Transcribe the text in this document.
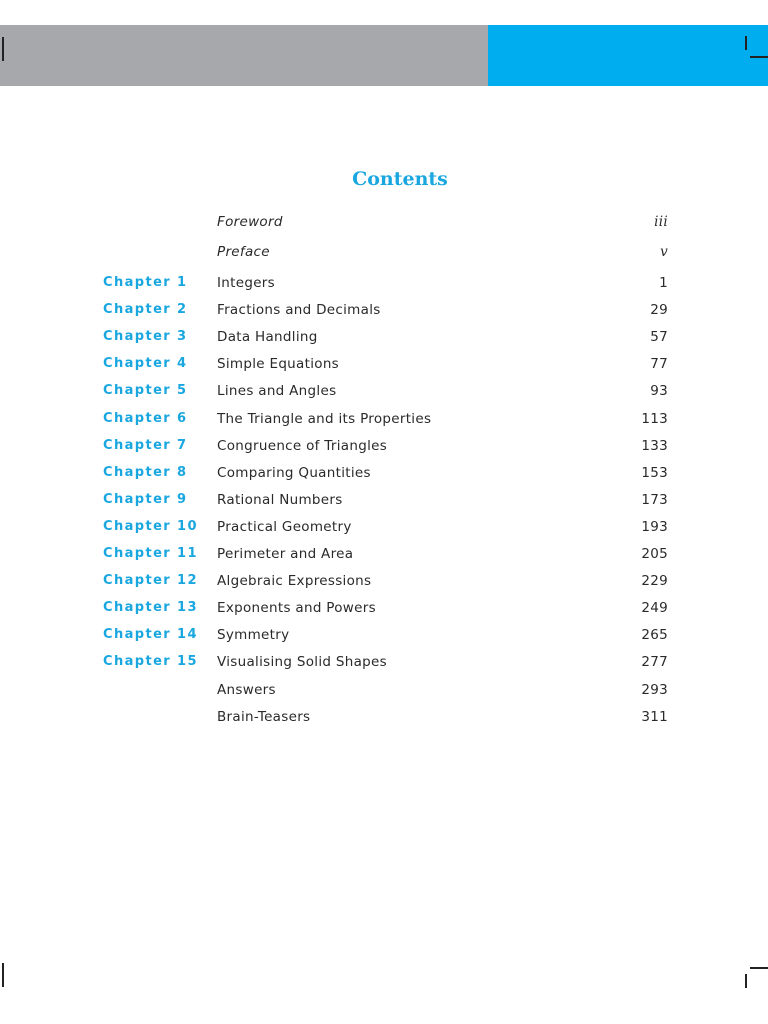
Contents
Foreword	iii
Preface	v
Chapter 1 Integers	1
Chapter 2 Fractions and Decimals	29
Chapter 3 Data Handling	57
Chapter 4 Simple Equations	77
Chapter 5 Lines and Angles	93
Chapter 6 The Triangle and its Properties	113
Chapter 7 Congruence of Triangles	133
Chapter 8 Comparing Quantities	153
Chapter 9 Rational Numbers	173
Chapter 10 Practical Geometry	193
Chapter 11 Perimeter and Area	205
Chapter 12 Algebraic Expressions	229
Chapter 13 Exponents and Powers	249
Chapter 14 Symmetry	265
Chapter 15 Visualising Solid Shapes	277
Answers	293
Brain-Teasers	311
